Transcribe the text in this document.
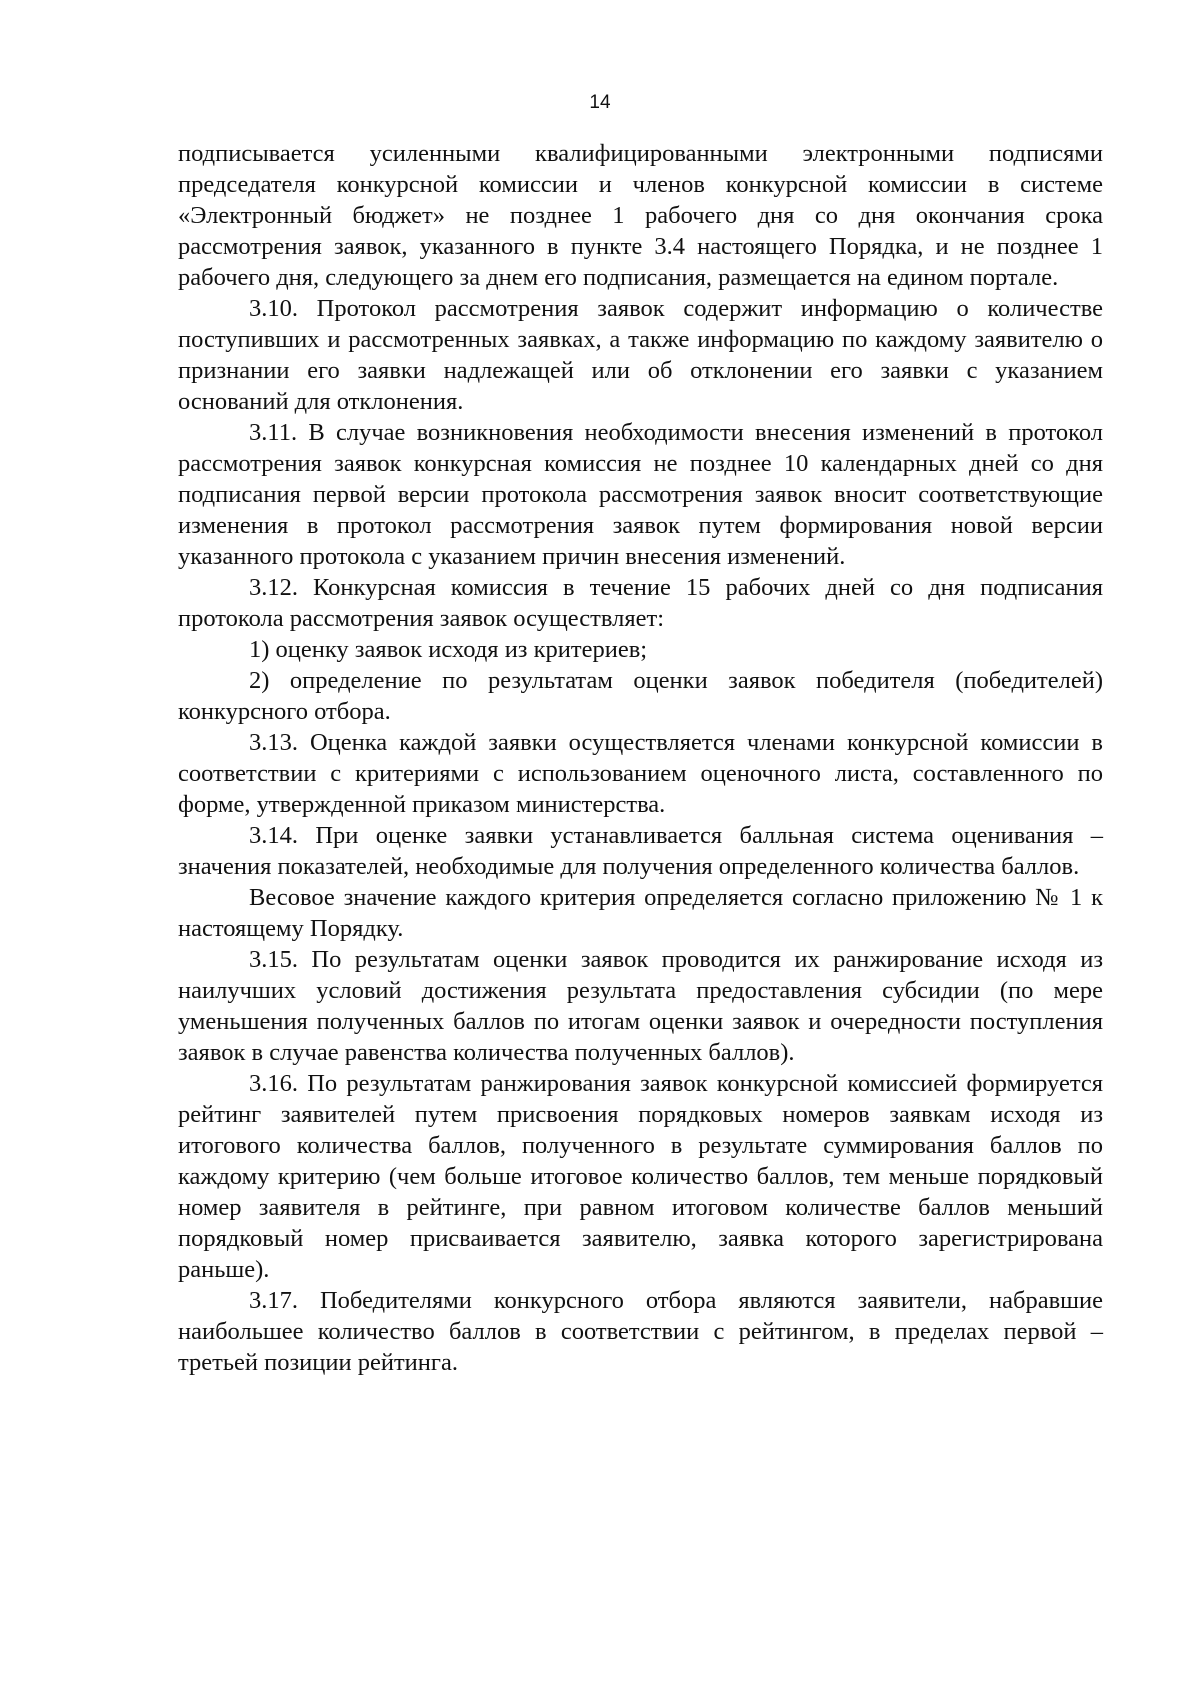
14

подписывается усиленными квалифицированными электронными подписями председателя конкурсной комиссии и членов конкурсной комиссии в системе «Электронный бюджет» не позднее 1 рабочего дня со дня окончания срока рассмотрения заявок, указанного в пункте 3.4 настоящего Порядка, и не позднее 1 рабочего дня, следующего за днем его подписания, размещается на едином портале.

3.10. Протокол рассмотрения заявок содержит информацию о количестве поступивших и рассмотренных заявках, а также информацию по каждому заявителю о признании его заявки надлежащей или об отклонении его заявки с указанием оснований для отклонения.

3.11. В случае возникновения необходимости внесения изменений в протокол рассмотрения заявок конкурсная комиссия не позднее 10 календарных дней со дня подписания первой версии протокола рассмотрения заявок вносит соответствующие изменения в протокол рассмотрения заявок путем формирования новой версии указанного протокола с указанием причин внесения изменений.

3.12. Конкурсная комиссия в течение 15 рабочих дней со дня подписания протокола рассмотрения заявок осуществляет:

1) оценку заявок исходя из критериев;

2) определение по результатам оценки заявок победителя (победителей) конкурсного отбора.

3.13. Оценка каждой заявки осуществляется членами конкурсной комиссии в соответствии с критериями с использованием оценочного листа, составленного по форме, утвержденной приказом министерства.

3.14. При оценке заявки устанавливается балльная система оценивания – значения показателей, необходимые для получения определенного количества баллов.

Весовое значение каждого критерия определяется согласно приложению № 1 к настоящему Порядку.

3.15. По результатам оценки заявок проводится их ранжирование исходя из наилучших условий достижения результата предоставления субсидии (по мере уменьшения полученных баллов по итогам оценки заявок и очередности поступления заявок в случае равенства количества полученных баллов).

3.16. По результатам ранжирования заявок конкурсной комиссией формируется рейтинг заявителей путем присвоения порядковых номеров заявкам исходя из итогового количества баллов, полученного в результате суммирования баллов по каждому критерию (чем больше итоговое количество баллов, тем меньше порядковый номер заявителя в рейтинге, при равном итоговом количестве баллов меньший порядковый номер присваивается заявителю, заявка которого зарегистрирована раньше).

3.17. Победителями конкурсного отбора являются заявители, набравшие наибольшее количество баллов в соответствии с рейтингом, в пределах первой – третьей позиции рейтинга.
